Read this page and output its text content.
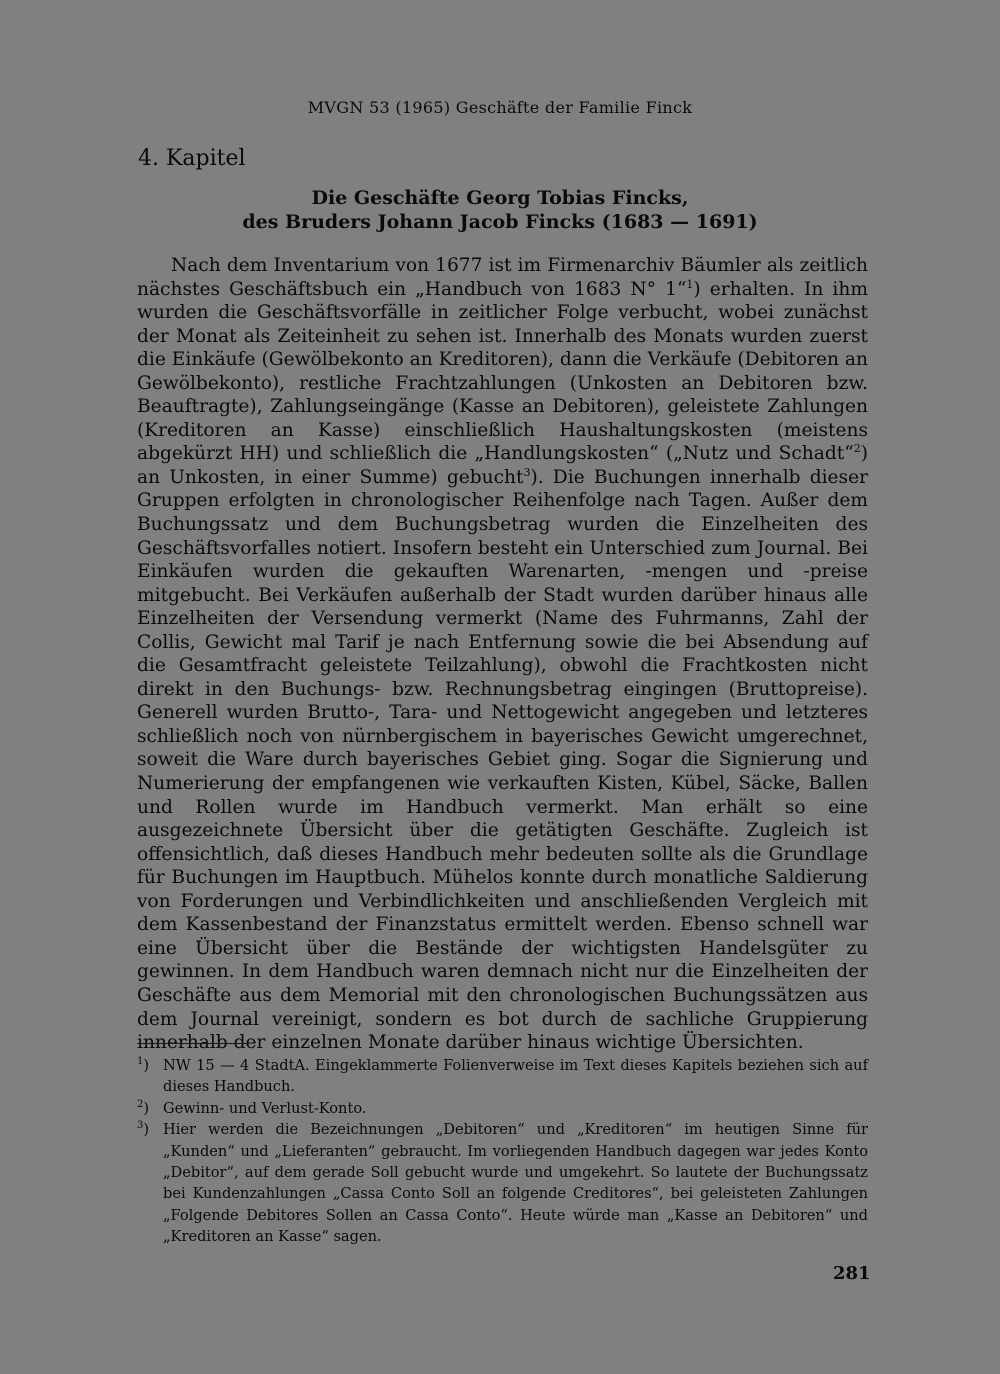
MVGN 53 (1965) Geschäfte der Familie Finck
4. Kapitel
Die Geschäfte Georg Tobias Fincks,
des Bruders Johann Jacob Fincks (1683 — 1691)

Nach dem Inventarium von 1677 ist im Firmenarchiv Bäumler als zeitlich nächstes Geschäftsbuch ein „Handbuch von 1683 N° 1“$^1$) erhalten. In ihm wurden die Geschäftsvorfälle in zeitlicher Folge verbucht, wobei zunächst der Monat als Zeiteinheit zu sehen ist. Innerhalb des Monats wurden zuerst die Einkäufe (Gewölbekonto an Kreditoren), dann die Verkäufe (Debitoren an Gewölbekonto), restliche Frachtzahlungen (Unkosten an Debitoren bzw. Beauftragte), Zahlungseingänge (Kasse an Debitoren), geleistete Zahlungen (Kreditoren an Kasse) einschließlich Haushaltungskosten (meistens abgekürzt HH) und schließlich die „Handlungskosten“ („Nutz und Schadt“$^2$) an Unkosten, in einer Summe) gebucht$^3$). Die Buchungen innerhalb dieser Gruppen erfolgten in chronologischer Reihenfolge nach Tagen. Außer dem Buchungssatz und dem Buchungsbetrag wurden die Einzelheiten des Geschäftsvorfalles notiert. Insofern besteht ein Unterschied zum Journal. Bei Einkäufen wurden die gekauften Warenarten, -mengen und -preise mitgebucht. Bei Verkäufen außerhalb der Stadt wurden darüber hinaus alle Einzelheiten der Versendung vermerkt (Name des Fuhrmanns, Zahl der Collis, Gewicht mal Tarif je nach Entfernung sowie die bei Absendung auf die Gesamtfracht geleistete Teilzahlung), obwohl die Frachtkosten nicht direkt in den Buchungs- bzw. Rechnungsbetrag eingingen (Bruttopreise). Generell wurden Brutto-, Tara- und Nettogewicht angegeben und letzteres schließlich noch von nürnbergischem in bayerisches Gewicht umgerechnet, soweit die Ware durch bayerisches Gebiet ging. Sogar die Signierung und Numerierung der empfangenen wie verkauften Kisten, Kübel, Säcke, Ballen und Rollen wurde im Handbuch vermerkt. Man erhält so eine ausgezeichnete Übersicht über die getätigten Geschäfte. Zugleich ist offensichtlich, daß dieses Handbuch mehr bedeuten sollte als die Grundlage für Buchungen im Hauptbuch. Mühelos konnte durch monatliche Saldierung von Forderungen und Verbindlichkeiten und anschließenden Vergleich mit dem Kassenbestand der Finanzstatus ermittelt werden. Ebenso schnell war eine Übersicht über die Bestände der wichtigsten Handelsgüter zu gewinnen. In dem Handbuch waren demnach nicht nur die Einzelheiten der Geschäfte aus dem Memorial mit den chronologischen Buchungssätzen aus dem Journal vereinigt, sondern es bot durch de sachliche Gruppierung innerhalb der einzelnen Monate darüber hinaus wichtige Übersichten.

$^1$) NW 15 — 4 StadtA. Eingeklammerte Folienverweise im Text dieses Kapitels beziehen sich auf dieses Handbuch.
$^2$) Gewinn- und Verlust-Konto.
$^3$) Hier werden die Bezeichnungen „Debitoren“ und „Kreditoren“ im heutigen Sinne für „Kunden“ und „Lieferanten“ gebraucht. Im vorliegenden Handbuch dagegen war jedes Konto „Debitor“, auf dem gerade Soll gebucht wurde und umgekehrt. So lautete der Buchungssatz bei Kundenzahlungen „Cassa Conto Soll an folgende Creditores“, bei geleisteten Zahlungen „Folgende Debitores Sollen an Cassa Conto“. Heute würde man „Kasse an Debitoren“ und „Kreditoren an Kasse“ sagen.
281
